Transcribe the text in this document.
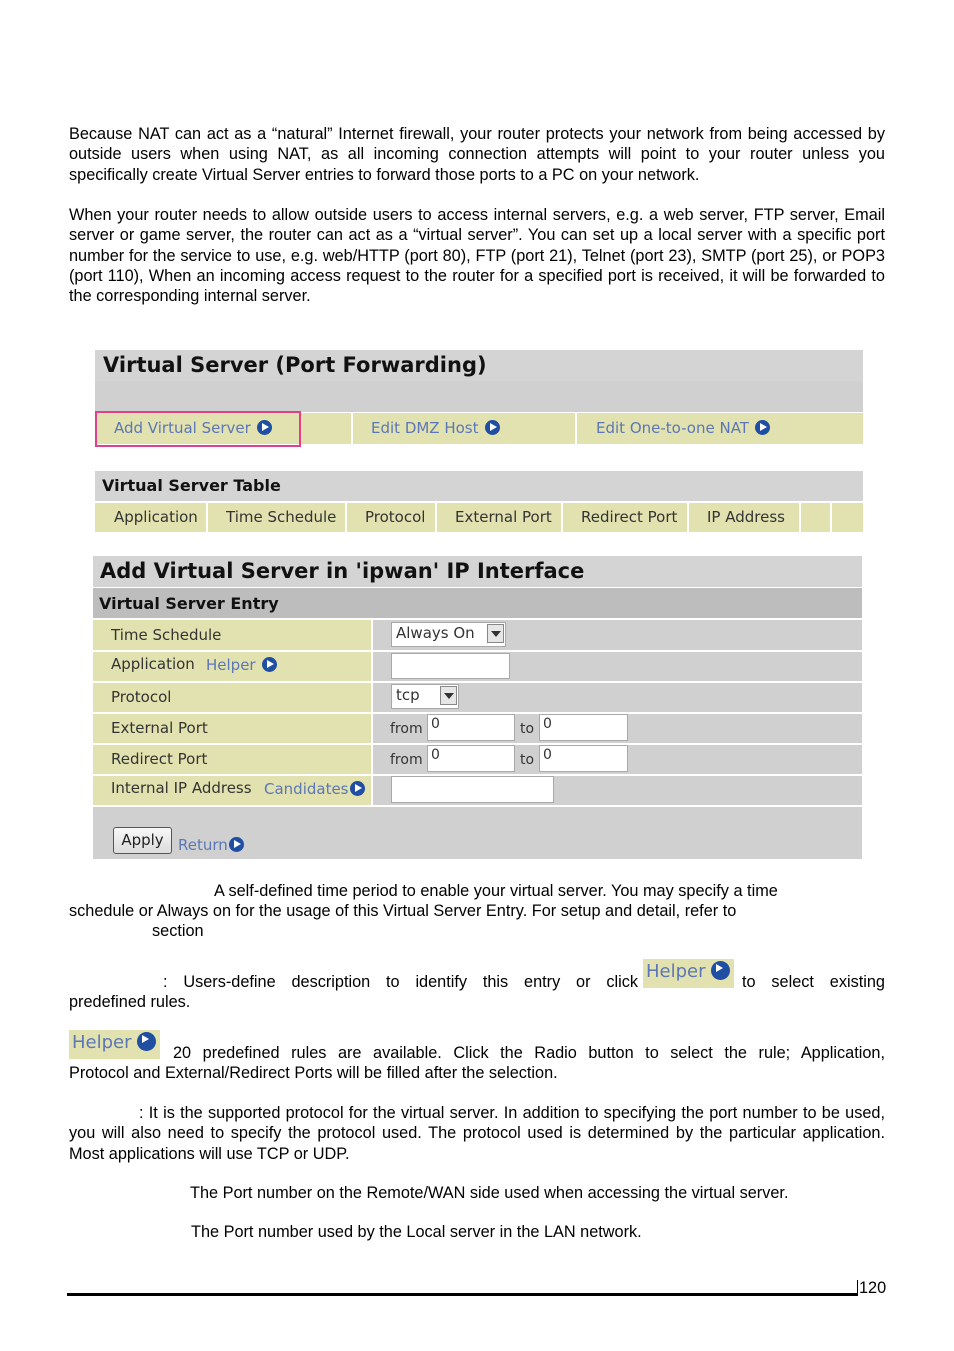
Because NAT can act as a “natural” Internet firewall, your router protects your network from being accessed by outside users when using NAT, as all incoming connection attempts will point to your router unless you specifically create Virtual Server entries to forward those ports to a PC on your network.
When your router needs to allow outside users to access internal servers, e.g. a web server, FTP server, Email server or game server, the router can act as a “virtual server”. You can set up a local server with a specific port number for the service to use, e.g. web/HTTP (port 80), FTP (port 21), Telnet (port 23), SMTP (port 25), or POP3 (port 110), When an incoming access request to the router for a specified port is received, it will be forwarded to the corresponding internal server.
Virtual Server (Port Forwarding)
Add Virtual Server	Edit DMZ Host	Edit One-to-one NAT
Virtual Server Table
Application	Time Schedule	Protocol	External Port	Redirect Port	IP Address
Add Virtual Server in 'ipwan' IP Interface
Virtual Server Entry
Time Schedule	Always On
Application Helper
Protocol	tcp
External Port	from 0	to 0
Redirect Port	from 0	to 0
Internal IP Address Candidates
Apply Return
A self-defined time period to enable your virtual server. You may specify a time
schedule or Always on for the usage of this Virtual Server Entry. For setup and detail, refer to
section
: Users-define description to identify this entry or click Helper	to select existing
predefined rules.
Helper	20 predefined rules are available. Click the Radio button to select the rule; Application,
Protocol and External/Redirect Ports will be filled after the selection.
: It is the supported protocol for the virtual server. In addition to specifying the port number to be used, you will also need to specify the protocol used. The protocol used is determined by the particular application. Most applications will use TCP or UDP.
The Port number on the Remote/WAN side used when accessing the virtual server.
The Port number used by the Local server in the LAN network.
120
